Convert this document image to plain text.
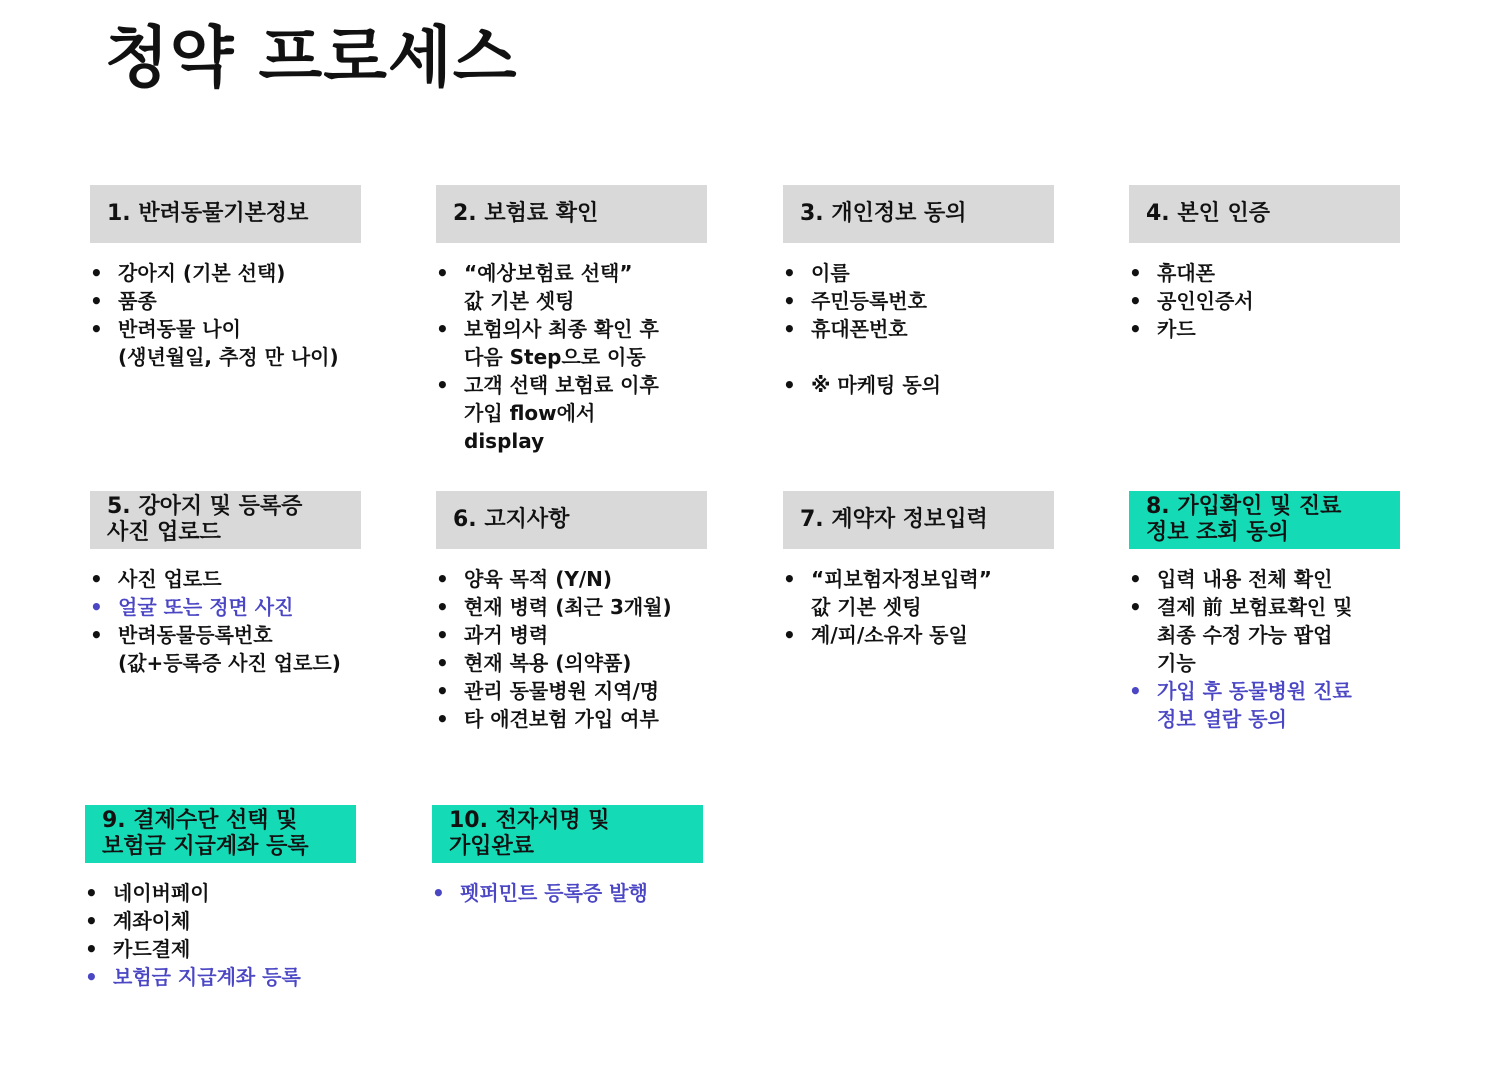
청약 프로세스
1. 반려동물기본정보
• 강아지 (기본 선택)
• 품종
• 반려동물 나이
(생년월일, 추정 만 나이)
2. 보험료 확인
• “예상보험료 선택”
값 기본 셋팅
• 보험의사 최종 확인 후
다음 Step으로 이동
• 고객 선택 보험료 이후
가입 flow에서
display
3. 개인정보 동의
• 이름
• 주민등록번호
• 휴대폰번호
• ※ 마케팅 동의
4. 본인 인증
• 휴대폰
• 공인인증서
• 카드
5. 강아지 및 등록증
사진 업로드
• 사진 업로드
• 얼굴 또는 정면 사진
• 반려동물등록번호
(값+등록증 사진 업로드)
6. 고지사항
• 양육 목적 (Y/N)
• 현재 병력 (최근 3개월)
• 과거 병력
• 현재 복용 (의약품)
• 관리 동물병원 지역/명
• 타 애견보험 가입 여부
7. 계약자 정보입력
• “피보험자정보입력”
값 기본 셋팅
• 계/피/소유자 동일
8. 가입확인 및 진료
정보 조회 동의
• 입력 내용 전체 확인
• 결제 前 보험료확인 및
최종 수정 가능 팝업
기능
• 가입 후 동물병원 진료
정보 열람 동의
9. 결제수단 선택 및
보험금 지급계좌 등록
• 네이버페이
• 계좌이체
• 카드결제
• 보험금 지급계좌 등록
10. 전자서명 및
가입완료
• 펫퍼민트 등록증 발행
